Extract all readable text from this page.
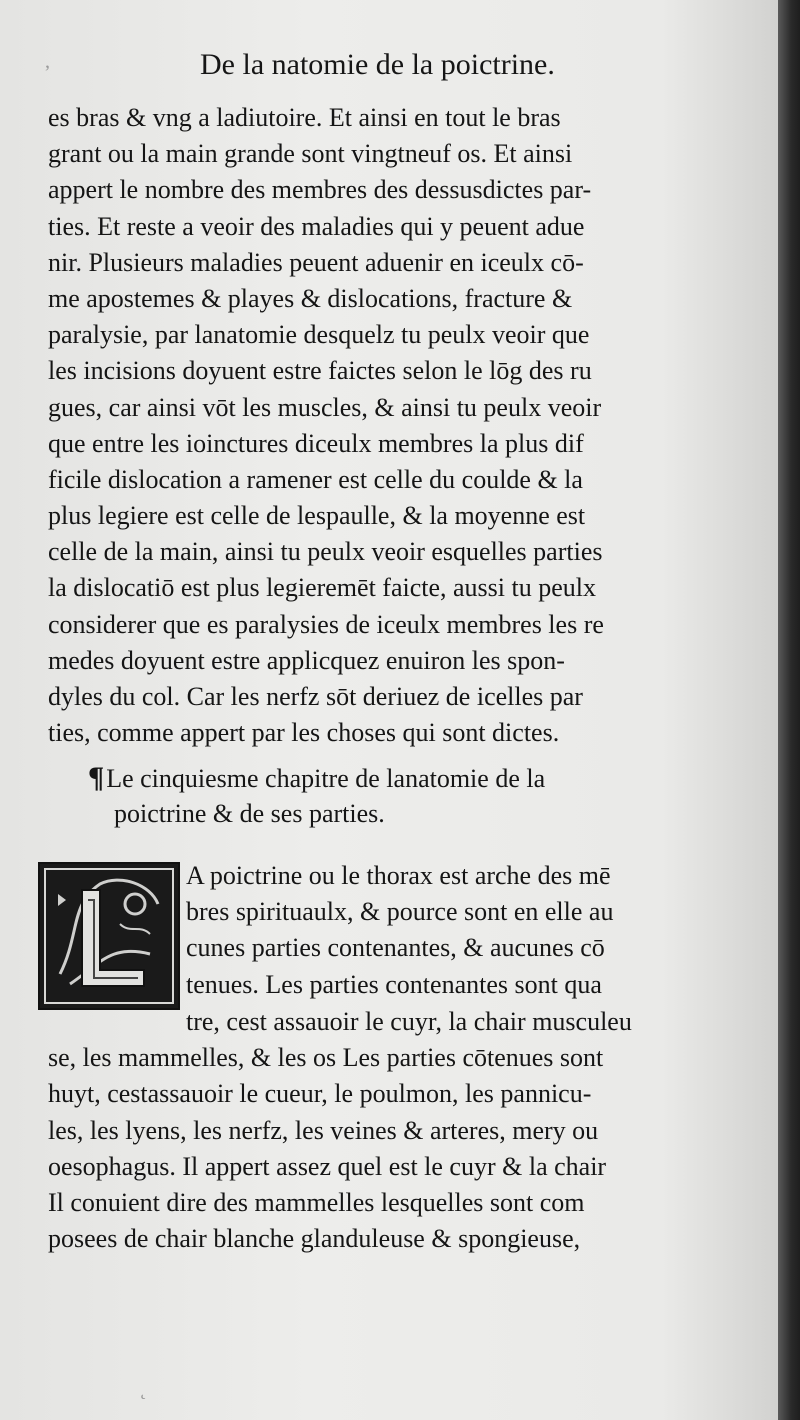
De la natomie de la poictrine.
es bras & vng a ladiutoire. Et ainsi en tout le bras
grant ou la main grande sont vingtneuf os. Et ainsi
appert le nombre des membres des dessusdictes par-
ties. Et reste a veoir des maladies qui y peuent adue
nir. Plusieurs maladies peuent aduenir en iceulx cō-
me apostemes & playes & dislocations, fracture &
paralysie, par lanatomie desquelz tu peulx veoir que
les incisions doyuent estre faictes selon le lōg des ru
gues, car ainsi vōt les muscles, & ainsi tu peulx veoir
que entre les ioinctures diceulx membres la plus dif
ficile dislocation a ramener est celle du coulde & la
plus legiere est celle de lespaulle, & la moyenne est
celle de la main, ainsi tu peulx veoir esquelles parties
la dislocatiō est plus legieremēt faicte, aussi tu peulx
considerer que es paralysies de iceulx membres les re
medes doyuent estre applicquez enuiron les spon-
dyles du col. Car les nerfz sōt deriuez de icelles par
ties, comme appert par les choses qui sont dictes.
¶Le cinquiesme chapitre de lanatomie de la
poictrine & de ses parties.
A poictrine ou le thorax est arche des mē
bres spirituaulx, & pource sont en elle au
cunes parties contenantes, & aucunes cō
tenues. Les parties contenantes sont qua
tre, cest assauoir le cuyr, la chair musculeu
se, les mammelles, & les os Les parties cōtenues sont
huyt, cestassauoir le cueur, le poulmon, les pannicu-
les, les lyens, les nerfz, les veines & arteres, mery ou
oesophagus. Il appert assez quel est le cuyr & la chair
Il conuient dire des mammelles lesquelles sont com
posees de chair blanche glanduleuse & spongieuse,
ʼ
˛
